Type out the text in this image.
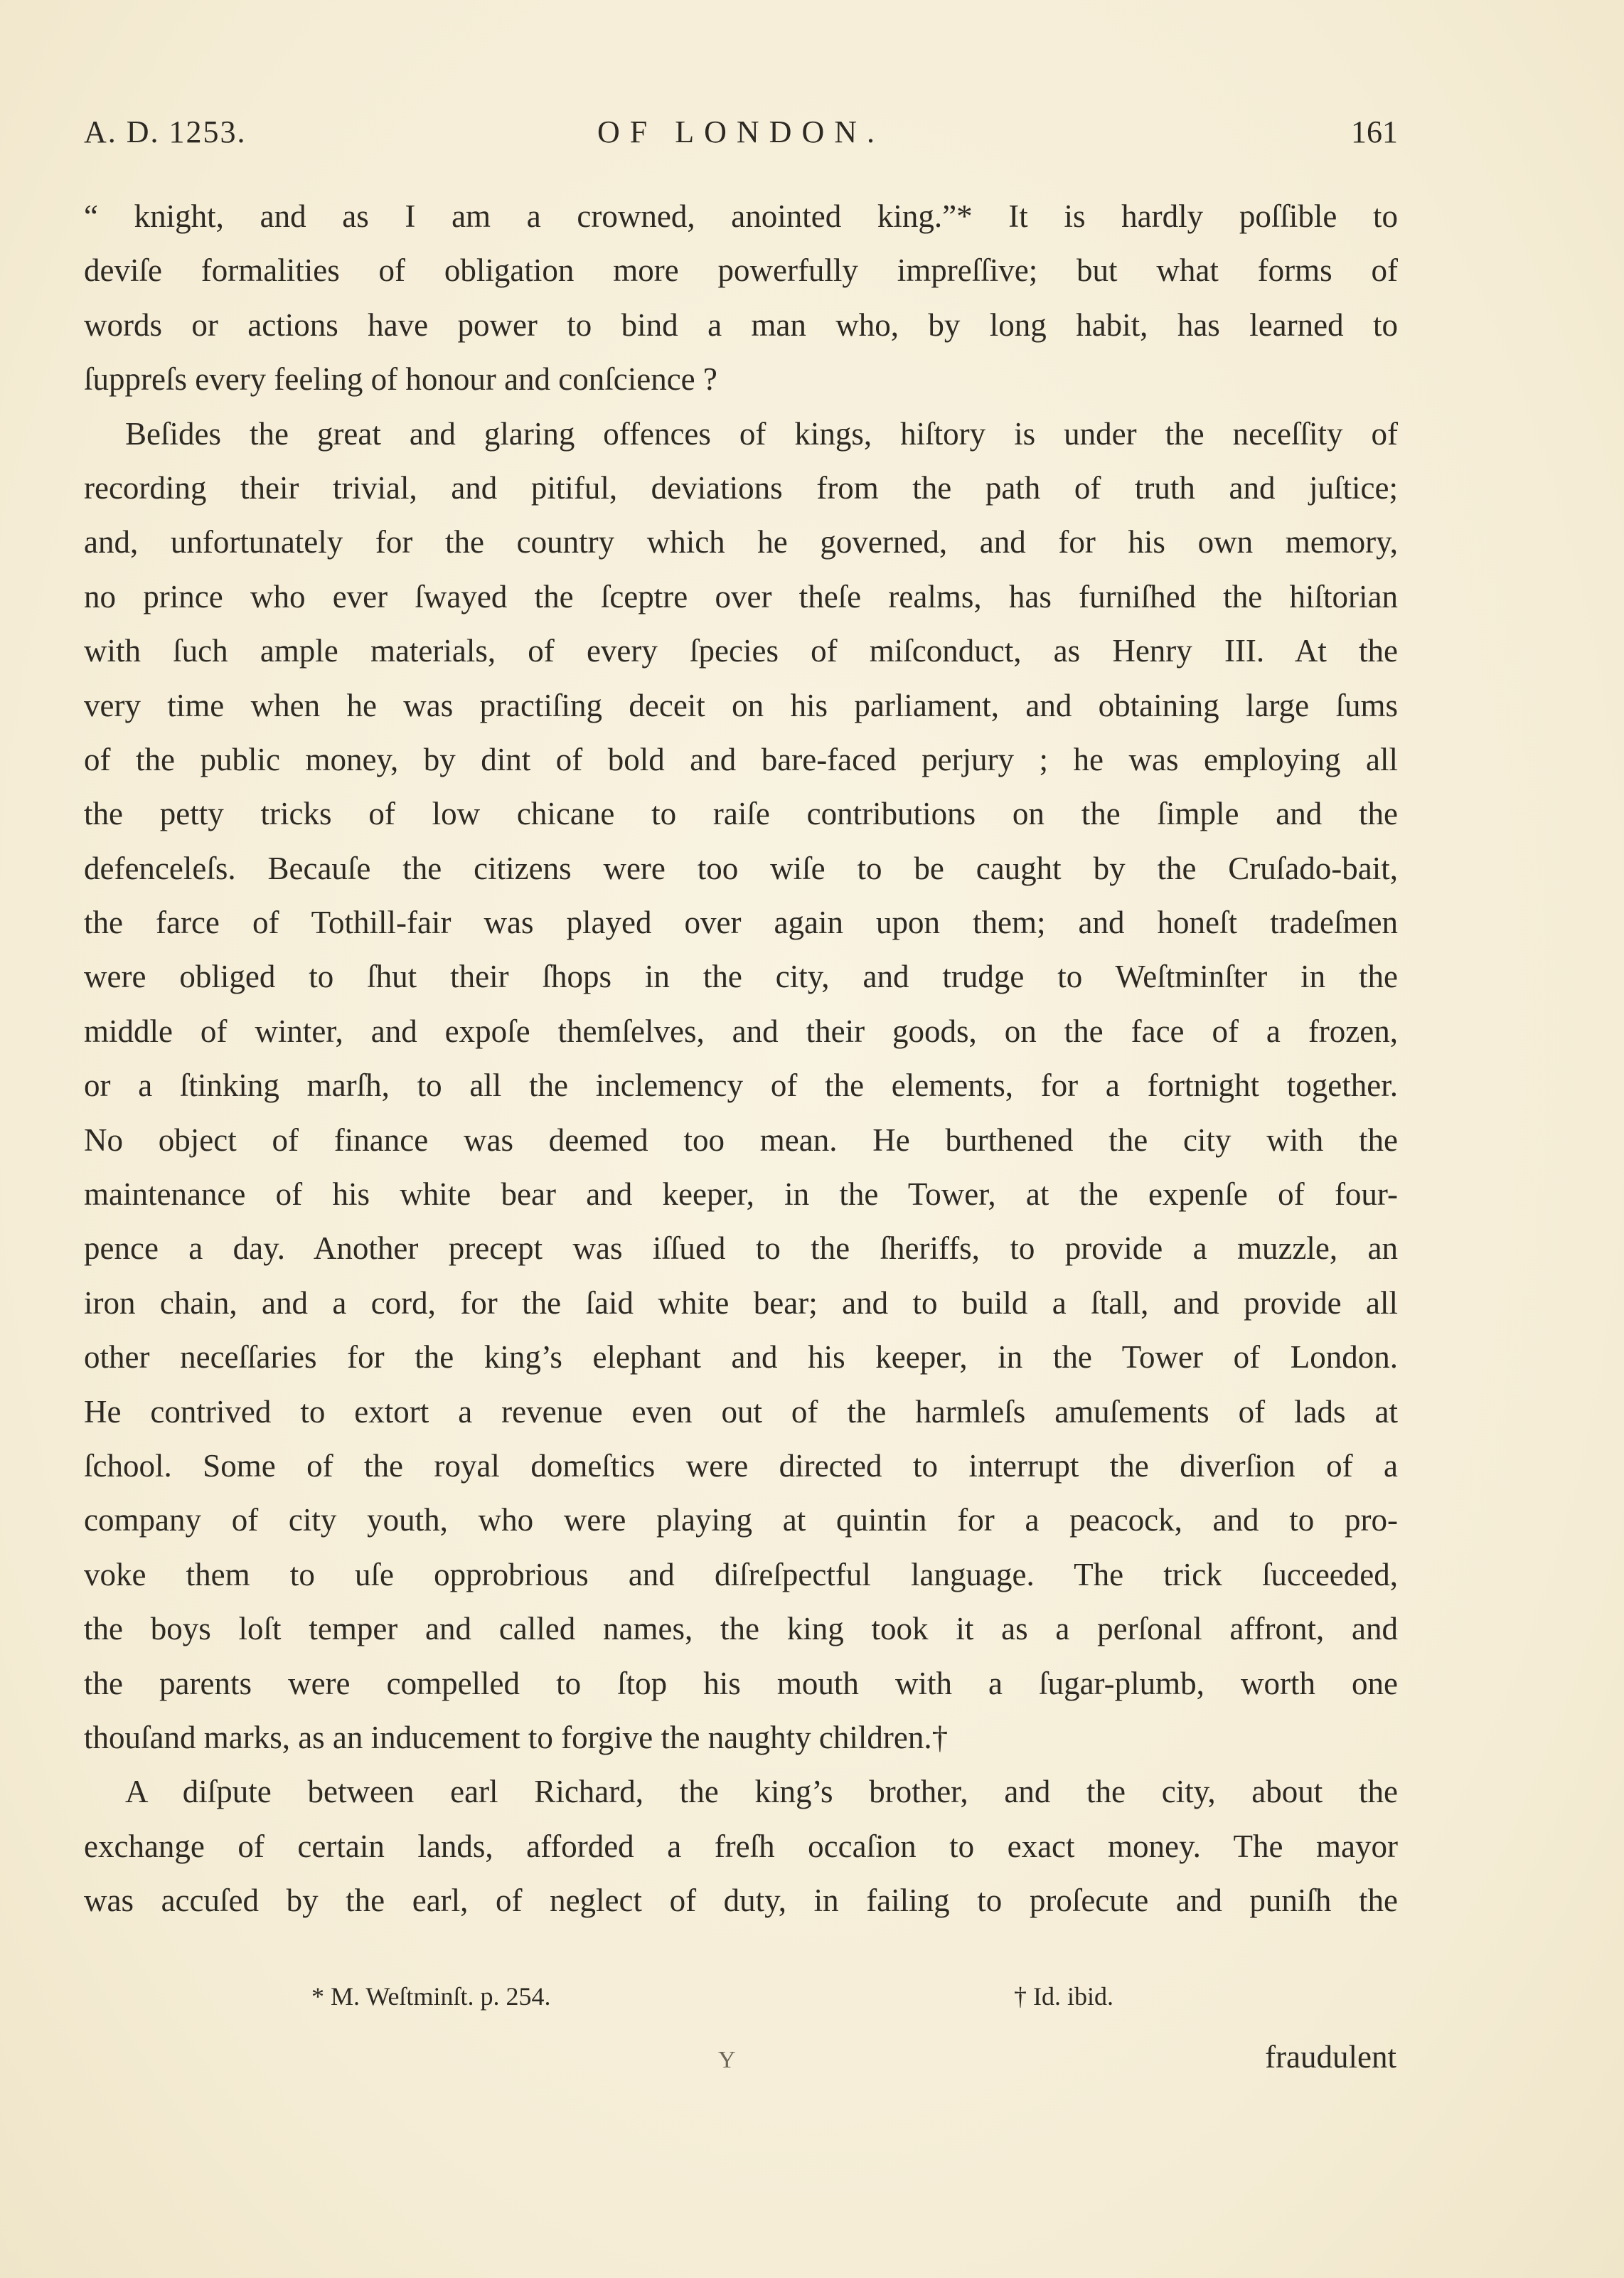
A. D. 1253.	OF LONDON.	161
“ knight, and as I am a crowned, anointed king.”* It is hardly poſſible to
deviſe formalities of obligation more powerfully impreſſive; but what forms of
words or actions have power to bind a man who, by long habit, has learned to
ſuppreſs every feeling of honour and conſcience ?
Beſides the great and glaring offences of kings, hiſtory is under the neceſſity of
recording their trivial, and pitiful, deviations from the path of truth and juſtice;
and, unfortunately for the country which he governed, and for his own memory,
no prince who ever ſwayed the ſceptre over theſe realms, has furniſhed the hiſtorian
with ſuch ample materials, of every ſpecies of miſconduct, as Henry III. At the
very time when he was practiſing deceit on his parliament, and obtaining large ſums
of the public money, by dint of bold and bare-faced perjury ; he was employing all
the petty tricks of low chicane to raiſe contributions on the ſimple and the
defenceleſs. Becauſe the citizens were too wiſe to be caught by the Cruſado-bait,
the farce of Tothill-fair was played over again upon them; and honeſt tradeſmen
were obliged to ſhut their ſhops in the city, and trudge to Weſtminſter in the
middle of winter, and expoſe themſelves, and their goods, on the face of a frozen,
or a ſtinking marſh, to all the inclemency of the elements, for a fortnight together.
No object of finance was deemed too mean. He burthened the city with the
maintenance of his white bear and keeper, in the Tower, at the expenſe of four-
pence a day. Another precept was iſſued to the ſheriffs, to provide a muzzle, an
iron chain, and a cord, for the ſaid white bear; and to build a ſtall, and provide all
other neceſſaries for the king’s elephant and his keeper, in the Tower of London.
He contrived to extort a revenue even out of the harmleſs amuſements of lads at
ſchool. Some of the royal domeſtics were directed to interrupt the diverſion of a
company of city youth, who were playing at quintin for a peacock, and to pro-
voke them to uſe opprobrious and diſreſpectful language. The trick ſucceeded,
the boys loſt temper and called names, the king took it as a perſonal affront, and
the parents were compelled to ſtop his mouth with a ſugar-plumb, worth one
thouſand marks, as an inducement to forgive the naughty children.†
A diſpute between earl Richard, the king’s brother, and the city, about the
exchange of certain lands, afforded a freſh occaſion to exact money. The mayor
was accuſed by the earl, of neglect of duty, in failing to proſecute and puniſh the
* M. Weſtminſt. p. 254.	† Id. ibid.
Y	fraudulent
